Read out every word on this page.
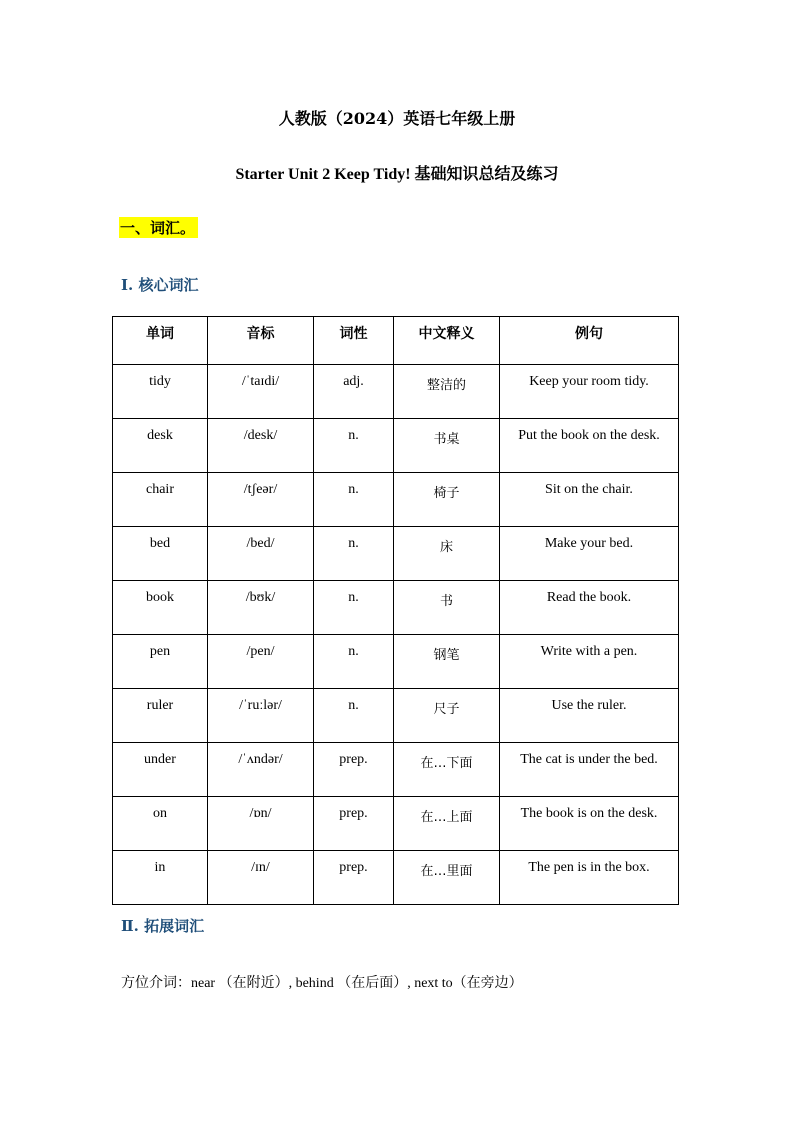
人教版（2024）英语七年级上册
Starter Unit 2 Keep Tidy! 基础知识总结及练习
一、词汇。
Ⅰ. 核心词汇
单词	音标	词性	中文释义	例句
tidy	/ˈtaɪdi/	adj.	整洁的	Keep your room tidy.
desk	/desk/	n.	书桌	Put the book on the desk.
chair	/tʃeər/	n.	椅子	Sit on the chair.
bed	/bed/	n.	床	Make your bed.
book	/bʊk/	n.	书	Read the book.
pen	/pen/	n.	钢笔	Write with a pen.
ruler	/ˈruːlər/	n.	尺子	Use the ruler.
under	/ˈʌndər/	prep.	在…下面	The cat is under the bed.
on	/ɒn/	prep.	在…上面	The book is on the desk.
in	/ɪn/	prep.	在…里面	The pen is in the box.
Ⅱ. 拓展词汇
方位介词：near （在附近）, behind （在后面）, next to（在旁边）
